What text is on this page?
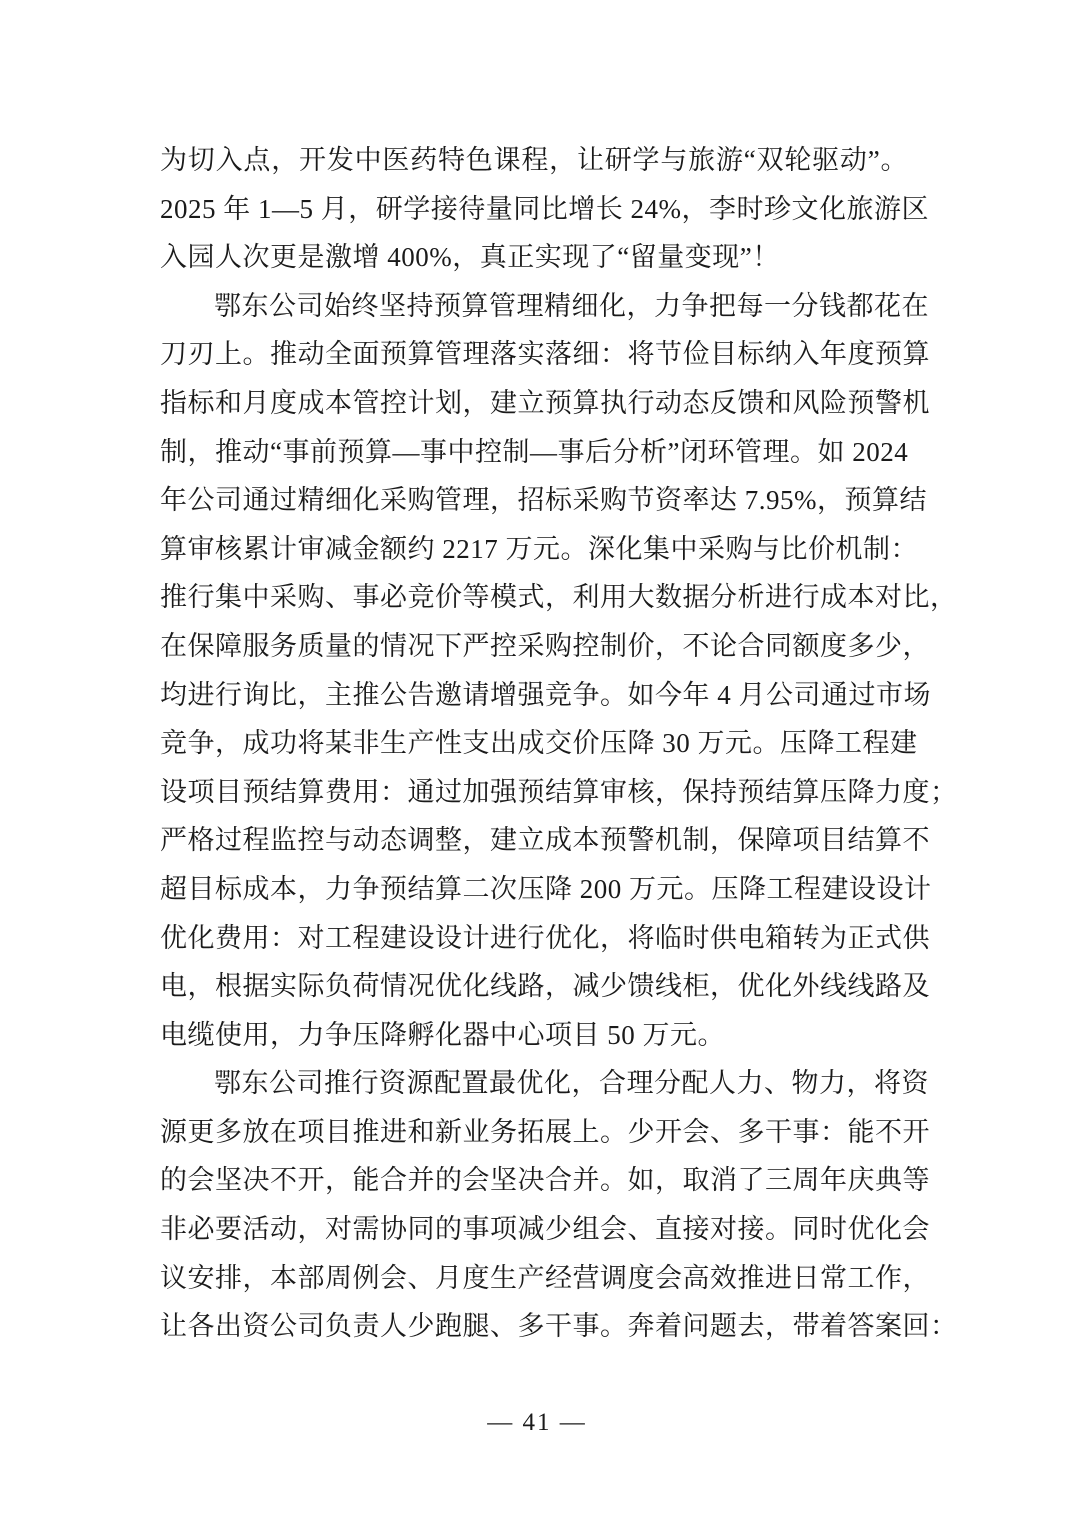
为切入点，开发中医药特色课程，让研学与旅游“双轮驱动”。
2025 年 1—5 月，研学接待量同比增长 24%，李时珍文化旅游区
入园人次更是激增 400%，真正实现了“留量变现”！
鄂东公司始终坚持预算管理精细化，力争把每一分钱都花在
刀刃上。推动全面预算管理落实落细：将节俭目标纳入年度预算
指标和月度成本管控计划，建立预算执行动态反馈和风险预警机
制，推动“事前预算—事中控制—事后分析”闭环管理。如 2024
年公司通过精细化采购管理，招标采购节资率达 7.95%，预算结
算审核累计审减金额约 2217 万元。深化集中采购与比价机制：
推行集中采购、事必竞价等模式，利用大数据分析进行成本对比，
在保障服务质量的情况下严控采购控制价，不论合同额度多少，
均进行询比，主推公告邀请增强竞争。如今年 4 月公司通过市场
竞争，成功将某非生产性支出成交价压降 30 万元。压降工程建
设项目预结算费用：通过加强预结算审核，保持预结算压降力度；
严格过程监控与动态调整，建立成本预警机制，保障项目结算不
超目标成本，力争预结算二次压降 200 万元。压降工程建设设计
优化费用：对工程建设设计进行优化，将临时供电箱转为正式供
电，根据实际负荷情况优化线路，减少馈线柜，优化外线线路及
电缆使用，力争压降孵化器中心项目 50 万元。
鄂东公司推行资源配置最优化，合理分配人力、物力，将资
源更多放在项目推进和新业务拓展上。少开会、多干事：能不开
的会坚决不开，能合并的会坚决合并。如，取消了三周年庆典等
非必要活动，对需协同的事项减少组会、直接对接。同时优化会
议安排，本部周例会、月度生产经营调度会高效推进日常工作，
让各出资公司负责人少跑腿、多干事。奔着问题去，带着答案回：
— 41 —
